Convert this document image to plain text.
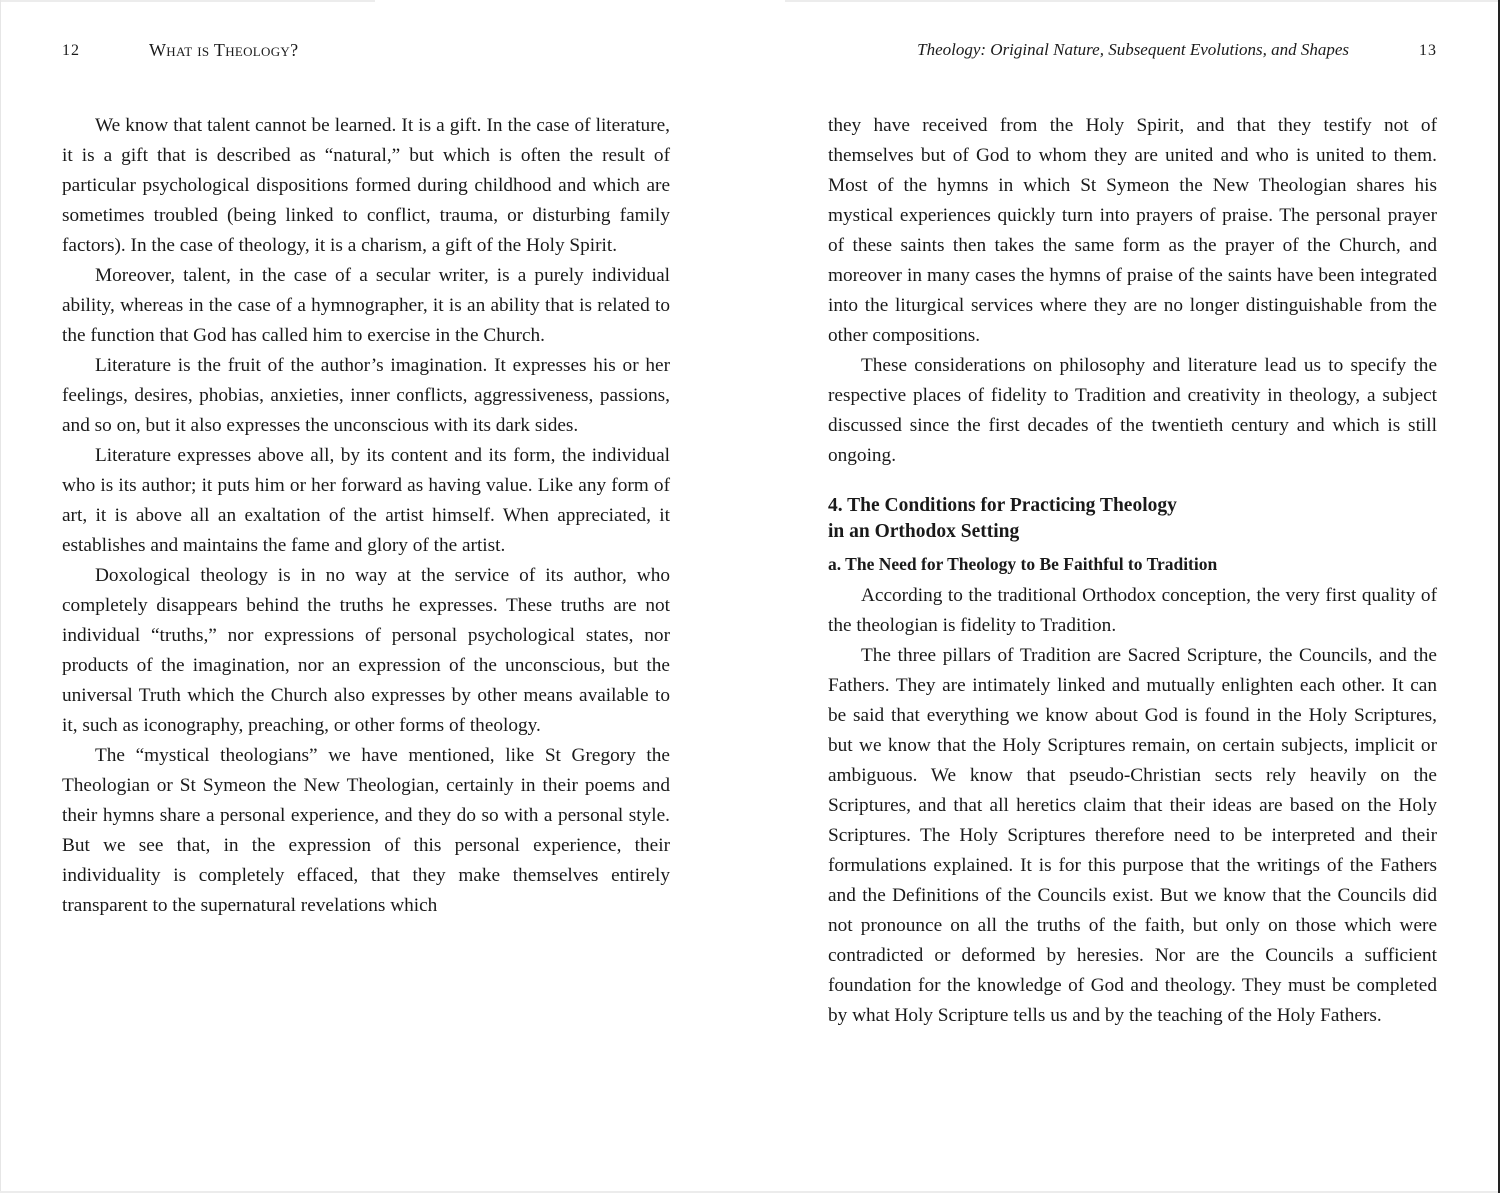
12	What is Theology?

We know that talent cannot be learned. It is a gift. In the case of literature, it is a gift that is described as “natural,” but which is often the result of particular psychological dispositions formed during childhood and which are sometimes troubled (being linked to conflict, trauma, or disturbing family factors). In the case of theology, it is a charism, a gift of the Holy Spirit.

Moreover, talent, in the case of a secular writer, is a purely individual ability, whereas in the case of a hymnographer, it is an ability that is related to the function that God has called him to exercise in the Church.

Literature is the fruit of the author’s imagination. It expresses his or her feelings, desires, phobias, anxieties, inner conflicts, aggressiveness, passions, and so on, but it also expresses the unconscious with its dark sides.

Literature expresses above all, by its content and its form, the individual who is its author; it puts him or her forward as having value. Like any form of art, it is above all an exaltation of the artist himself. When appreciated, it establishes and maintains the fame and glory of the artist.

Doxological theology is in no way at the service of its author, who completely disappears behind the truths he expresses. These truths are not individual “truths,” nor expressions of personal psychological states, nor products of the imagination, nor an expression of the unconscious, but the universal Truth which the Church also expresses by other means available to it, such as iconography, preaching, or other forms of theology.

The “mystical theologians” we have mentioned, like St Gregory the Theologian or St Symeon the New Theologian, certainly in their poems and their hymns share a personal experience, and they do so with a personal style. But we see that, in the expression of this personal experience, their individuality is completely effaced, that they make themselves entirely transparent to the supernatural revelations which

Theology: Original Nature, Subsequent Evolutions, and Shapes	13

they have received from the Holy Spirit, and that they testify not of themselves but of God to whom they are united and who is united to them. Most of the hymns in which St Symeon the New Theologian shares his mystical experiences quickly turn into prayers of praise. The personal prayer of these saints then takes the same form as the prayer of the Church, and moreover in many cases the hymns of praise of the saints have been integrated into the liturgical services where they are no longer distinguishable from the other compositions.

These considerations on philosophy and literature lead us to specify the respective places of fidelity to Tradition and creativity in theology, a subject discussed since the first decades of the twentieth century and which is still ongoing.

4. The Conditions for Practicing Theology
in an Orthodox Setting
a. The Need for Theology to Be Faithful to Tradition

According to the traditional Orthodox conception, the very first quality of the theologian is fidelity to Tradition.

The three pillars of Tradition are Sacred Scripture, the Councils, and the Fathers. They are intimately linked and mutually enlighten each other. It can be said that everything we know about God is found in the Holy Scriptures, but we know that the Holy Scriptures remain, on certain subjects, implicit or ambiguous. We know that pseudo-Christian sects rely heavily on the Scriptures, and that all heretics claim that their ideas are based on the Holy Scriptures. The Holy Scriptures therefore need to be interpreted and their formulations explained. It is for this purpose that the writings of the Fathers and the Definitions of the Councils exist. But we know that the Councils did not pronounce on all the truths of the faith, but only on those which were contradicted or deformed by heresies. Nor are the Councils a sufficient foundation for the knowledge of God and theology. They must be completed by what Holy Scripture tells us and by the teaching of the Holy Fathers.
